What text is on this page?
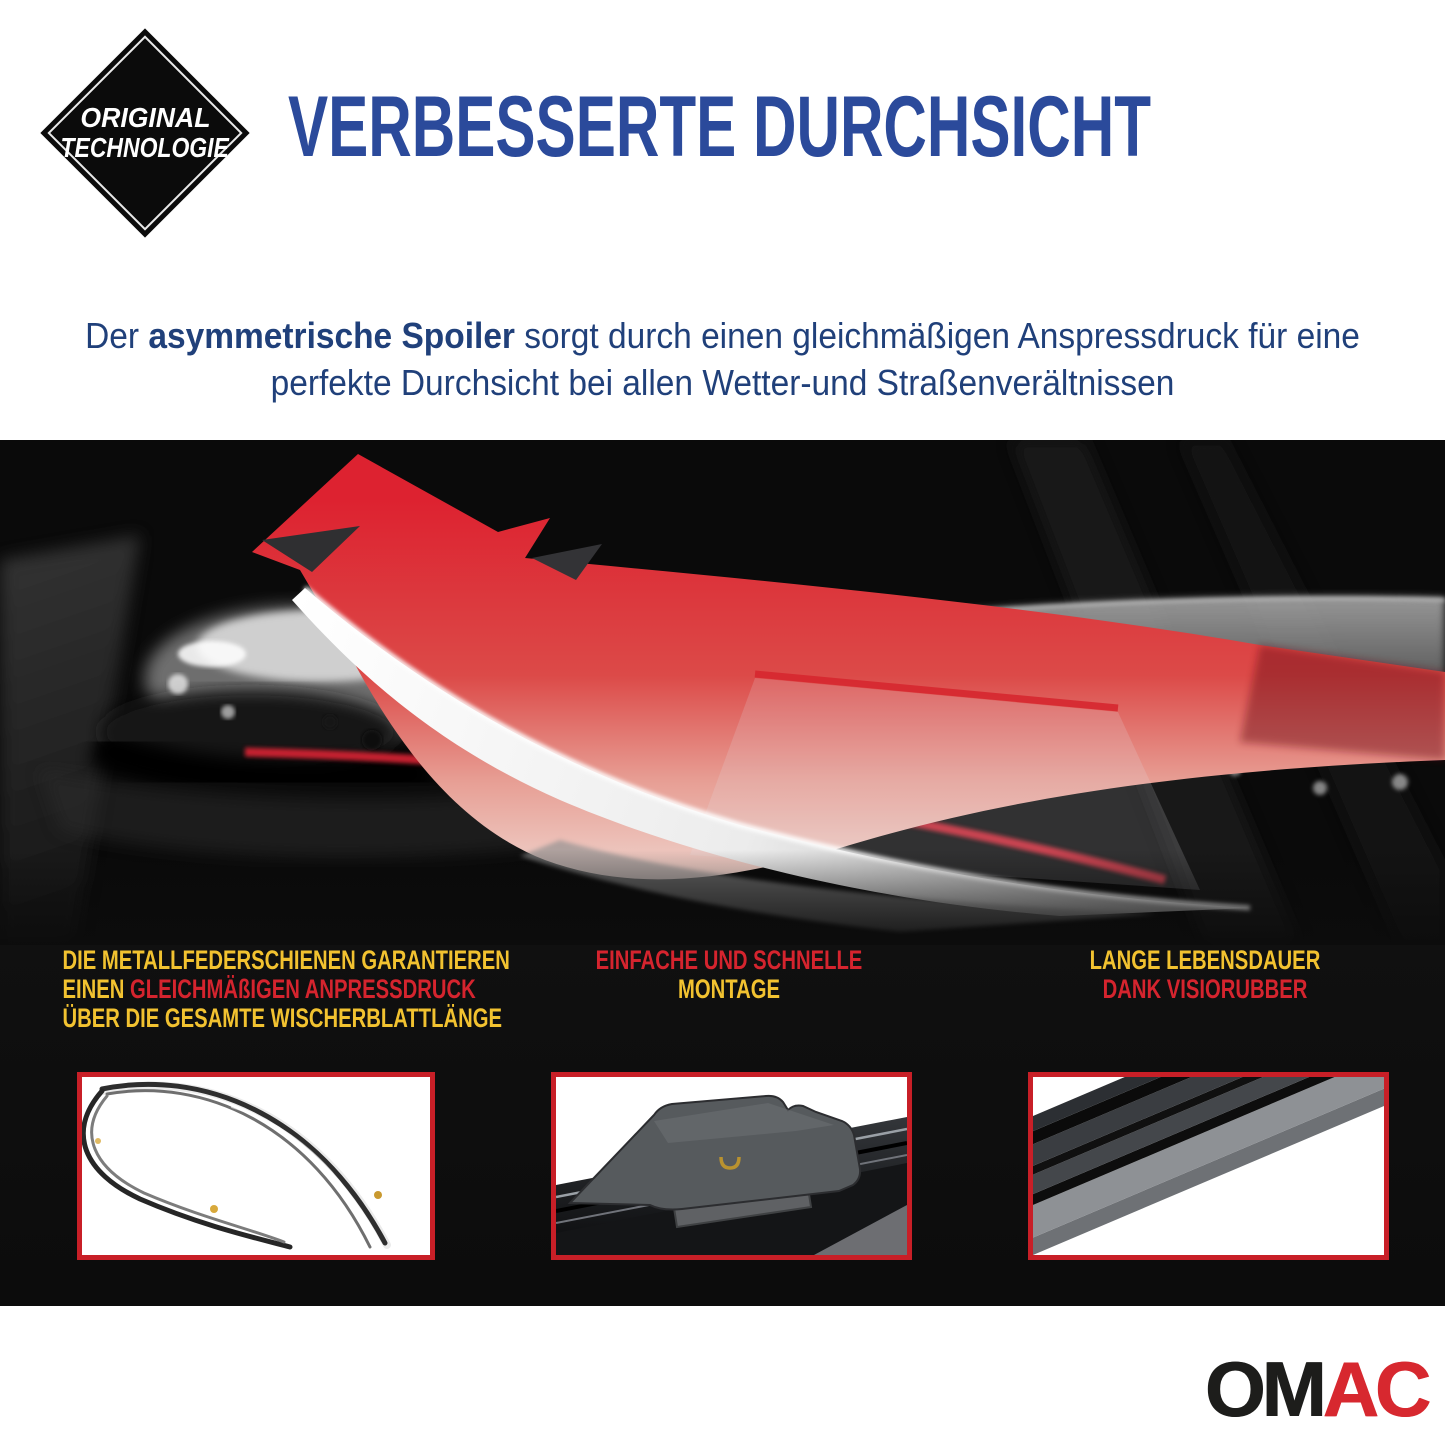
ORIGINAL
TECHNOLOGIE VERBESSERTE DURCHSICHT
Der asymmetrische Spoiler sorgt durch einen gleichmäßigen Anspressdruck für eine
perfekte Durchsicht bei allen Wetter-und Straßenverältnissen
DIE METALLFEDERSCHIENEN GARANTIEREN
EINEN GLEICHMÄßIGEN ANPRESSDRUCK
ÜBER DIE GESAMTE WISCHERBLATTLÄNGE
EINFACHE UND SCHNELLE
MONTAGE
LANGE LEBENSDAUER
DANK VISIORUBBER
OMAC
